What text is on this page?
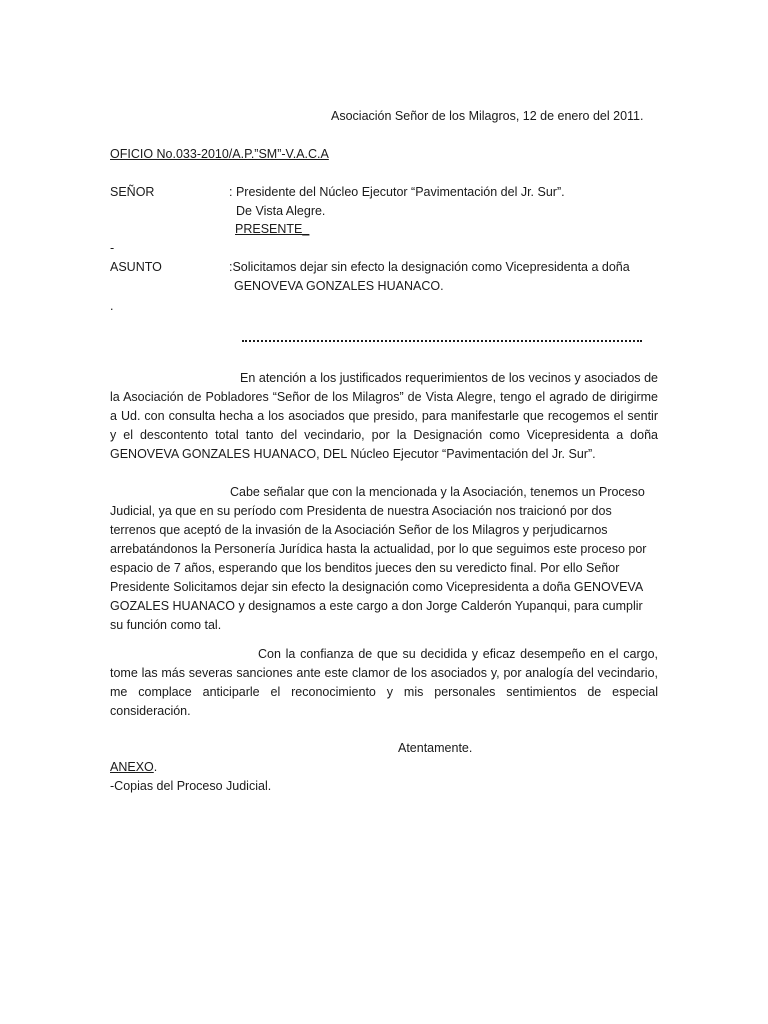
Asociación Señor de los Milagros, 12 de enero del 2011.
OFICIO No.033-2010/A.P.”SM”-V.A.C.A
SEÑOR	: Presidente del Núcleo Ejecutor “Pavimentación del Jr. Sur”.
De Vista Alegre.
PRESENTE_
-
ASUNTO	:Solicitamos dejar sin efecto la designación como Vicepresidenta a doña
GENOVEVA GONZALES HUANACO.
.
En atención a los justificados requerimientos de los vecinos y asociados de la Asociación de Pobladores “Señor de los Milagros” de Vista Alegre, tengo el agrado de dirigirme a Ud. con consulta hecha a los asociados que presido, para manifestarle que recogemos el sentir y el descontento total tanto del vecindario, por la Designación como Vicepresidenta a doña GENOVEVA GONZALES HUANACO, DEL Núcleo Ejecutor “Pavimentación del Jr. Sur”.
Cabe señalar que con la mencionada y la Asociación, tenemos un Proceso Judicial, ya que en su período com Presidenta de nuestra Asociación nos traicionó por dos terrenos que aceptó de la invasión de la Asociación Señor de los Milagros y perjudicarnos arrebatándonos la Personería Jurídica hasta la actualidad, por lo que seguimos este proceso por espacio de 7 años, esperando que los benditos jueces den su veredicto final. Por ello Señor Presidente Solicitamos dejar sin efecto la designación como Vicepresidenta a doña GENOVEVA GOZALES HUANACO y designamos a este cargo a don Jorge Calderón Yupanqui, para cumplir su función como tal.
Con la confianza de que su decidida y eficaz desempeño en el cargo, tome las más severas sanciones ante este clamor de los asociados y, por analogía del vecindario, me complace anticiparle el reconocimiento y mis personales sentimientos de especial consideración.
Atentamente.
ANEXO.
-Copias del Proceso Judicial.
